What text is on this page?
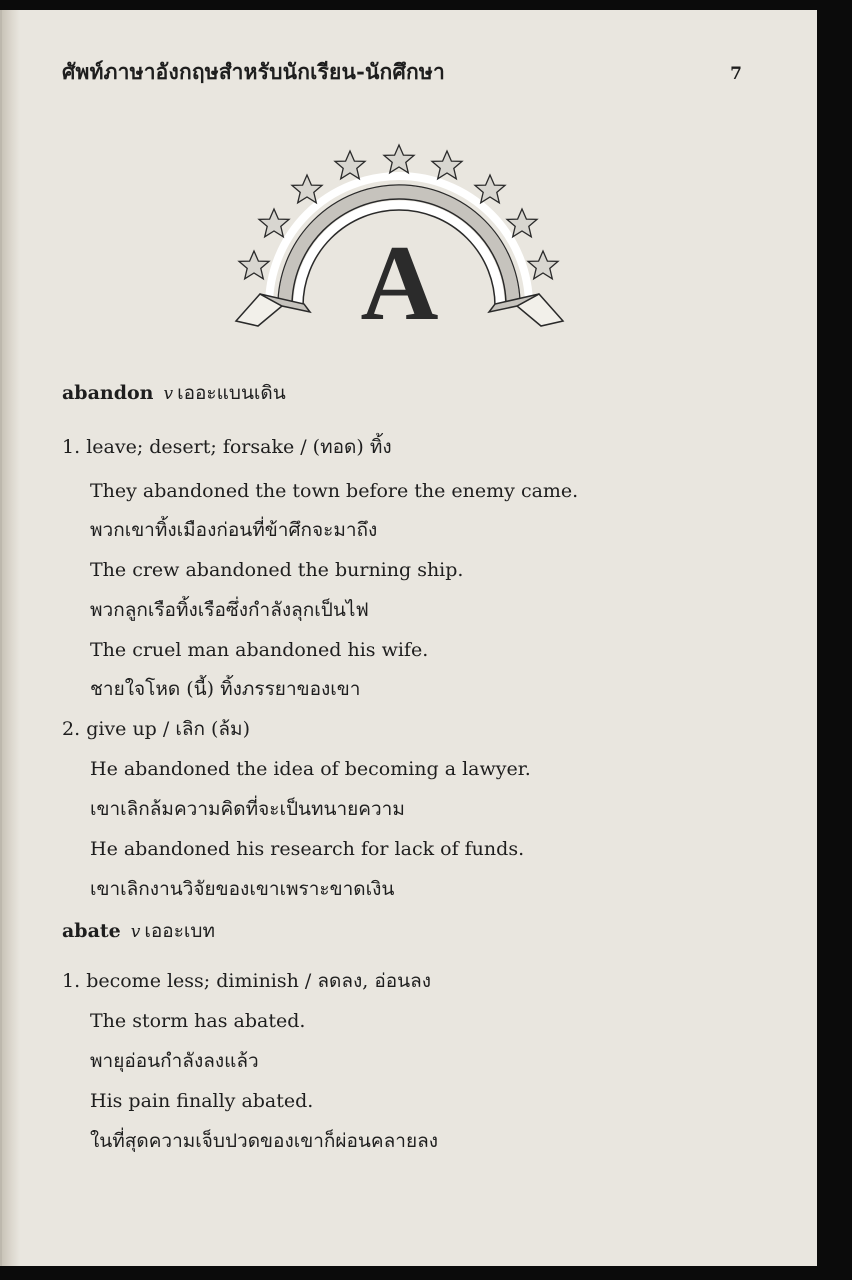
ศัพท์ภาษาอังกฤษสำหรับนักเรียน-นักศึกษา	7
A
abandon v เออะแบนเดิน
1. leave; desert; forsake / (ทอด) ทิ้ง
They abandoned the town before the enemy came.
พวกเขาทิ้งเมืองก่อนที่ข้าศึกจะมาถึง
The crew abandoned the burning ship.
พวกลูกเรือทิ้งเรือซึ่งกำลังลุกเป็นไฟ
The cruel man abandoned his wife.
ชายใจโหด (นี้) ทิ้งภรรยาของเขา
2. give up / เลิก (ล้ม)
He abandoned the idea of becoming a lawyer.
เขาเลิกล้มความคิดที่จะเป็นทนายความ
He abandoned his research for lack of funds.
เขาเลิกงานวิจัยของเขาเพราะขาดเงิน
abate v เออะเบท
1. become less; diminish / ลดลง, อ่อนลง
The storm has abated.
พายุอ่อนกำลังลงแล้ว
His pain finally abated.
ในที่สุดความเจ็บปวดของเขาก็ผ่อนคลายลง
